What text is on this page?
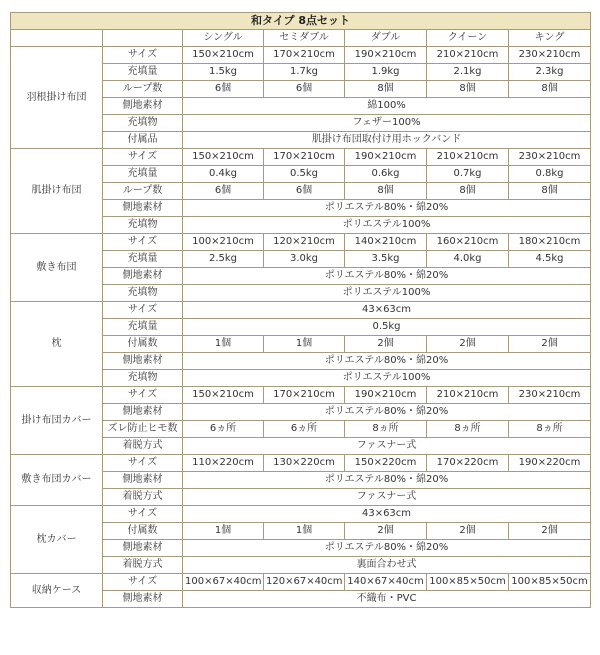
和タイプ 8点セット						
		シングル	セミダブル	ダブル	クイーン	キング
羽根掛け布団	サイズ	150×210cm	170×210cm	190×210cm	210×210cm	230×210cm
	充填量	1.5kg	1.7kg	1.9kg	2.1kg	2.3kg
	ループ数	6個	6個	8個	8個	8個
	側地素材	綿100%				
	充填物	フェザー100%				
	付属品	肌掛け布団取付け用ホックバンド				
肌掛け布団	サイズ	150×210cm	170×210cm	190×210cm	210×210cm	230×210cm
	充填量	0.4kg	0.5kg	0.6kg	0.7kg	0.8kg
	ループ数	6個	6個	8個	8個	8個
	側地素材	ポリエステル80%・綿20%				
	充填物	ポリエステル100%				
敷き布団	サイズ	100×210cm	120×210cm	140×210cm	160×210cm	180×210cm
	充填量	2.5kg	3.0kg	3.5kg	4.0kg	4.5kg
	側地素材	ポリエステル80%・綿20%				
	充填物	ポリエステル100%				
枕	サイズ	43×63cm				
	充填量	0.5kg				
	付属数	1個	1個	2個	2個	2個
	側地素材	ポリエステル80%・綿20%				
	充填物	ポリエステル100%				
掛け布団カバー	サイズ	150×210cm	170×210cm	190×210cm	210×210cm	230×210cm
	側地素材	ポリエステル80%・綿20%				
	ズレ防止ヒモ数	6ヵ所	6ヵ所	8ヵ所	8ヵ所	8ヵ所
	着脱方式	ファスナー式				
敷き布団カバー	サイズ	110×220cm	130×220cm	150×220cm	170×220cm	190×220cm
	側地素材	ポリエステル80%・綿20%				
	着脱方式	ファスナー式				
枕カバー	サイズ	43×63cm				
	付属数	1個	1個	2個	2個	2個
	側地素材	ポリエステル80%・綿20%				
	着脱方式	裏面合わせ式				
収納ケース	サイズ	100×67×40cm	120×67×40cm	140×67×40cm	100×85×50cm	100×85×50cm
	側地素材	不織布・PVC				
